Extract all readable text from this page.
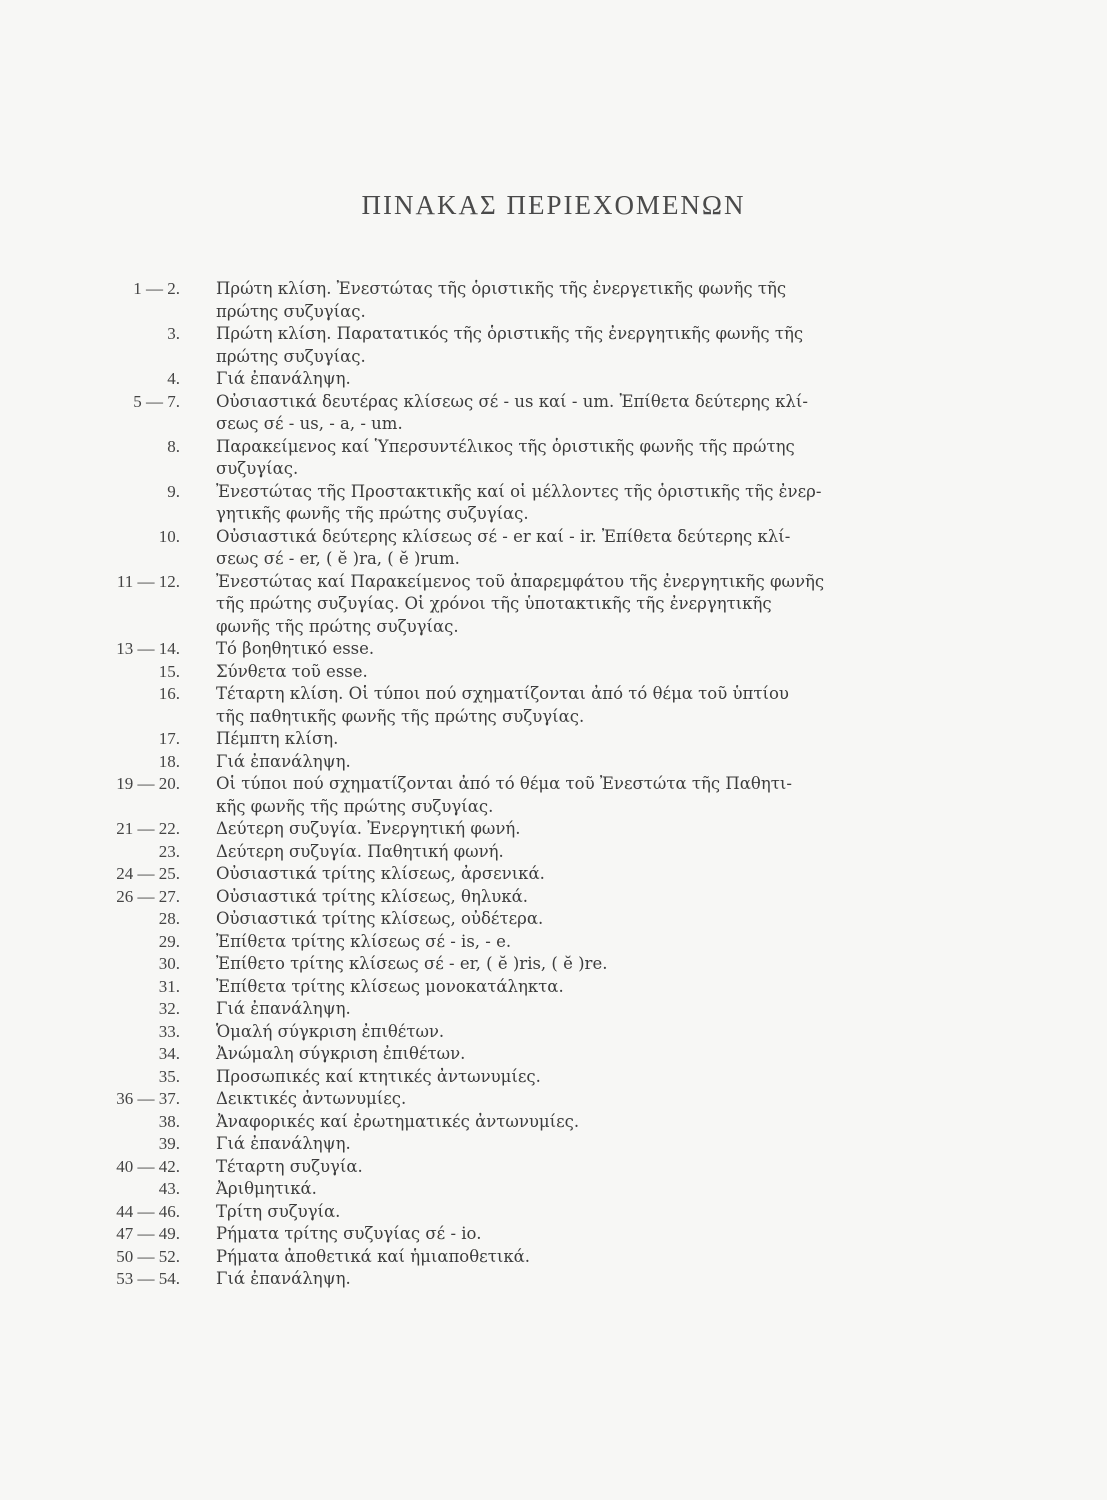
ΠΙΝΑΚΑΣ ΠΕΡΙΕΧΟΜΕΝΩΝ
1 — 2.	Πρώτη κλίση. Ἐνεστώτας τῆς ὁριστικῆς τῆς ἐνεργετικῆς φωνῆς τῆς
πρώτης συζυγίας.
3.	Πρώτη κλίση. Παρατατικός τῆς ὁριστικῆς τῆς ἐνεργητικῆς φωνῆς τῆς
πρώτης συζυγίας.
4.	Γιά ἐπανάληψη.
5 — 7.	Οὐσιαστικά δευτέρας κλίσεως σέ - us καί - um. Ἐπίθετα δεύτερης κλί-
σεως σέ - us, - a, - um.
8.	Παρακείμενος καί Ὑπερσυντέλικος τῆς ὁριστικῆς φωνῆς τῆς πρώτης
συζυγίας.
9.	Ἐνεστώτας τῆς Προστακτικῆς καί οἱ μέλλοντες τῆς ὁριστικῆς τῆς ἐνερ-
γητικῆς φωνῆς τῆς πρώτης συζυγίας.
10.	Οὐσιαστικά δεύτερης κλίσεως σέ - er καί - ir. Ἐπίθετα δεύτερης κλί-
σεως σέ - er, ( ĕ )ra, ( ĕ )rum.
11 — 12.	Ἐνεστώτας καί Παρακείμενος τοῦ ἀπαρεμφάτου τῆς ἐνεργητικῆς φωνῆς
τῆς πρώτης συζυγίας. Οἱ χρόνοι τῆς ὑποτακτικῆς τῆς ἐνεργητικῆς
φωνῆς τῆς πρώτης συζυγίας.
13 — 14.	Τό βοηθητικό esse.
15.	Σύνθετα τοῦ esse.
16.	Τέταρτη κλίση. Οἱ τύποι πού σχηματίζονται ἀπό τό θέμα τοῦ ὑπτίου
τῆς παθητικῆς φωνῆς τῆς πρώτης συζυγίας.
17.	Πέμπτη κλίση.
18.	Γιά ἐπανάληψη.
19 — 20.	Οἱ τύποι πού σχηματίζονται ἀπό τό θέμα τοῦ Ἐνεστώτα τῆς Παθητι-
κῆς φωνῆς τῆς πρώτης συζυγίας.
21 — 22.	Δεύτερη συζυγία. Ἐνεργητική φωνή.
23.	Δεύτερη συζυγία. Παθητική φωνή.
24 — 25.	Οὐσιαστικά τρίτης κλίσεως, ἀρσενικά.
26 — 27.	Οὐσιαστικά τρίτης κλίσεως, θηλυκά.
28.	Οὐσιαστικά τρίτης κλίσεως, οὐδέτερα.
29.	Ἐπίθετα τρίτης κλίσεως σέ - is, - e.
30.	Ἐπίθετο τρίτης κλίσεως σέ - er, ( ĕ )ris, ( ĕ )re.
31.	Ἐπίθετα τρίτης κλίσεως μονοκατάληκτα.
32.	Γιά ἐπανάληψη.
33.	Ὁμαλή σύγκριση ἐπιθέτων.
34.	Ἀνώμαλη σύγκριση ἐπιθέτων.
35.	Προσωπικές καί κτητικές ἀντωνυμίες.
36 — 37.	Δεικτικές ἀντωνυμίες.
38.	Ἀναφορικές καί ἐρωτηματικές ἀντωνυμίες.
39.	Γιά ἐπανάληψη.
40 — 42.	Τέταρτη συζυγία.
43.	Ἀριθμητικά.
44 — 46.	Τρίτη συζυγία.
47 — 49.	Ρήματα τρίτης συζυγίας σέ - io.
50 — 52.	Ρήματα ἀποθετικά καί ἡμιαποθετικά.
53 — 54.	Γιά ἐπανάληψη.
